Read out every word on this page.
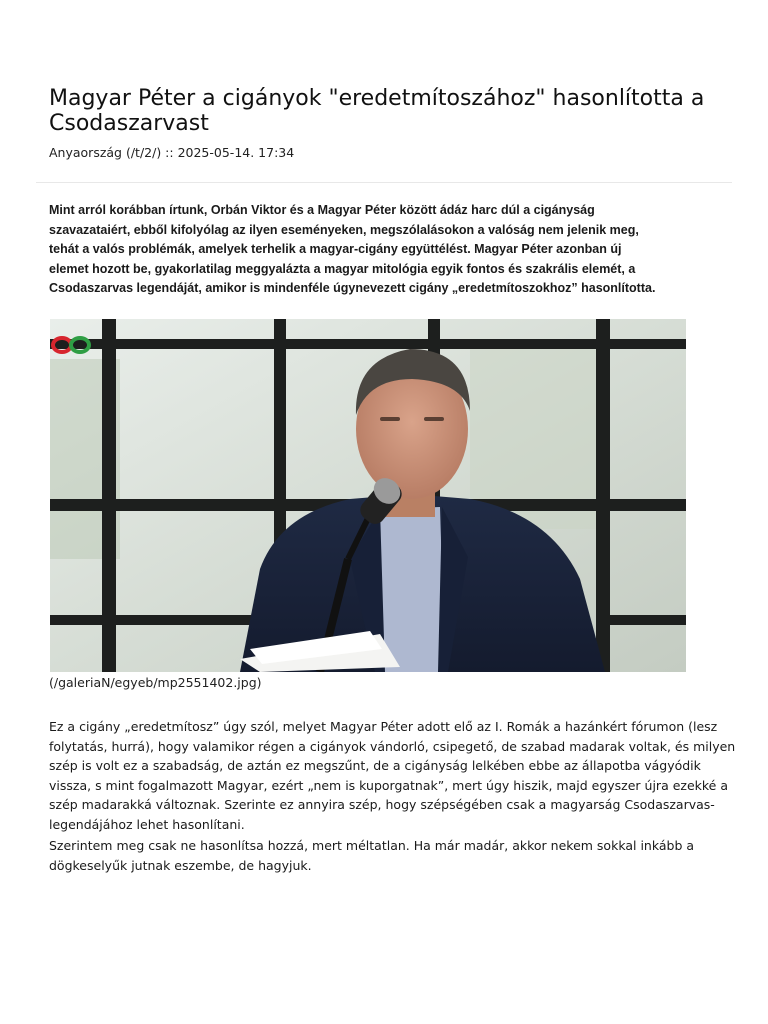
Magyar Péter a cigányok "eredetmítoszához" hasonlította a
Csodaszarvast
Anyaország (/t/2/) :: 2025-05-14. 17:34

Mint arról korábban írtunk, Orbán Viktor és a Magyar Péter között ádáz harc dúl a cigányság
szavazataiért, ebből kifolyólag az ilyen eseményeken, megszólalásokon a valóság nem jelenik meg,
tehát a valós problémák, amelyek terhelik a magyar-cigány együttélést. Magyar Péter azonban új
elemet hozott be, gyakorlatilag meggyalázta a magyar mitológia egyik fontos és szakrális elemét, a
Csodaszarvas legendáját, amikor is mindenféle úgynevezett cigány „eredetmítoszokhoz” hasonlította.

(/galeriaN/egyeb/mp2551402.jpg)

Ez a cigány „eredetmítosz” úgy szól, melyet Magyar Péter adott elő az I. Romák a hazánkért fórumon (lesz
folytatás, hurrá), hogy valamikor régen a cigányok vándorló, csipegető, de szabad madarak voltak, és milyen
szép is volt ez a szabadság, de aztán ez megszűnt, de a cigányság lelkében ebbe az állapotba vágyódik
vissza, s mint fogalmazott Magyar, ezért „nem is kuporgatnak”, mert úgy hiszik, majd egyszer újra ezekké a
szép madarakká változnak. Szerinte ez annyira szép, hogy szépségében csak a magyarság Csodaszarvas-
legendájához lehet hasonlítani.

Szerintem meg csak ne hasonlítsa hozzá, mert méltatlan. Ha már madár, akkor nekem sokkal inkább a
dögkeselyűk jutnak eszembe, de hagyjuk.
